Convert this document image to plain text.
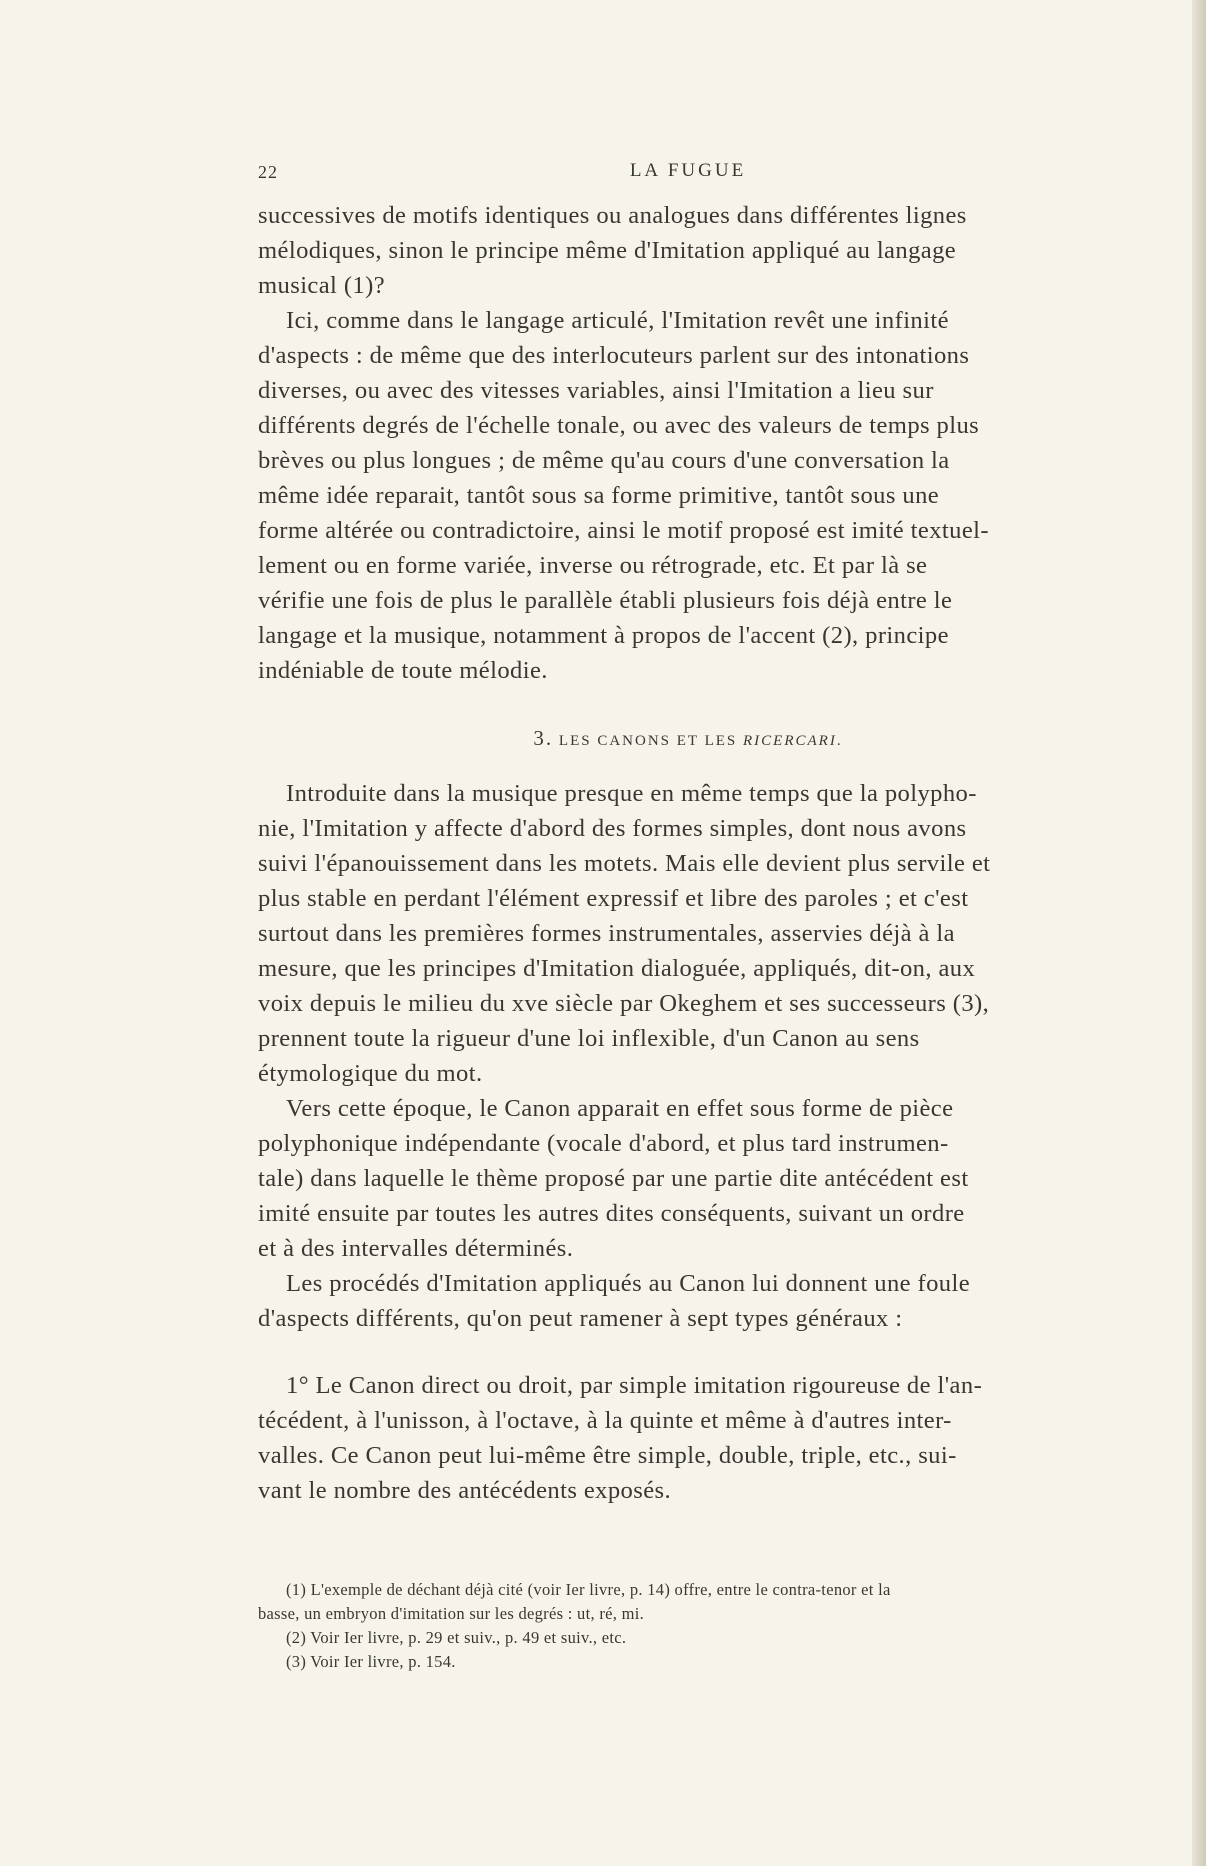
22	LA FUGUE

successives de motifs identiques ou analogues dans différentes lignes

mélodiques, sinon le principe même d'Imitation appliqué au langage

musical (1)?

Ici, comme dans le langage articulé, l'Imitation revêt une infinité

d'aspects : de même que des interlocuteurs parlent sur des intonations

diverses, ou avec des vitesses variables, ainsi l'Imitation a lieu sur

différents degrés de l'échelle tonale, ou avec des valeurs de temps plus

brèves ou plus longues ; de même qu'au cours d'une conversation la

même idée reparait, tantôt sous sa forme primitive, tantôt sous une

forme altérée ou contradictoire, ainsi le motif proposé est imité textuel-

lement ou en forme variée, inverse ou rétrograde, etc. Et par là se

vérifie une fois de plus le parallèle établi plusieurs fois déjà entre le

langage et la musique, notamment à propos de l'accent (2), principe

indéniable de toute mélodie.

3. LES CANONS ET LES RICERCARI.

Introduite dans la musique presque en même temps que la polypho-

nie, l'Imitation y affecte d'abord des formes simples, dont nous avons

suivi l'épanouissement dans les motets. Mais elle devient plus servile et

plus stable en perdant l'élément expressif et libre des paroles ; et c'est

surtout dans les premières formes instrumentales, asservies déjà à la

mesure, que les principes d'Imitation dialoguée, appliqués, dit-on, aux

voix depuis le milieu du xve siècle par Okeghem et ses successeurs (3),

prennent toute la rigueur d'une loi inflexible, d'un Canon au sens

étymologique du mot.

Vers cette époque, le Canon apparait en effet sous forme de pièce

polyphonique indépendante (vocale d'abord, et plus tard instrumen-

tale) dans laquelle le thème proposé par une partie dite antécédent est

imité ensuite par toutes les autres dites conséquents, suivant un ordre

et à des intervalles déterminés.

Les procédés d'Imitation appliqués au Canon lui donnent une foule

d'aspects différents, qu'on peut ramener à sept types généraux :

1° Le Canon direct ou droit, par simple imitation rigoureuse de l'an-

técédent, à l'unisson, à l'octave, à la quinte et même à d'autres inter-

valles. Ce Canon peut lui-même être simple, double, triple, etc., sui-

vant le nombre des antécédents exposés.

(1) L'exemple de déchant déjà cité (voir Ier livre, p. 14) offre, entre le contra-tenor et la

basse, un embryon d'imitation sur les degrés : ut, ré, mi.

(2) Voir Ier livre, p. 29 et suiv., p. 49 et suiv., etc.

(3) Voir Ier livre, p. 154.
